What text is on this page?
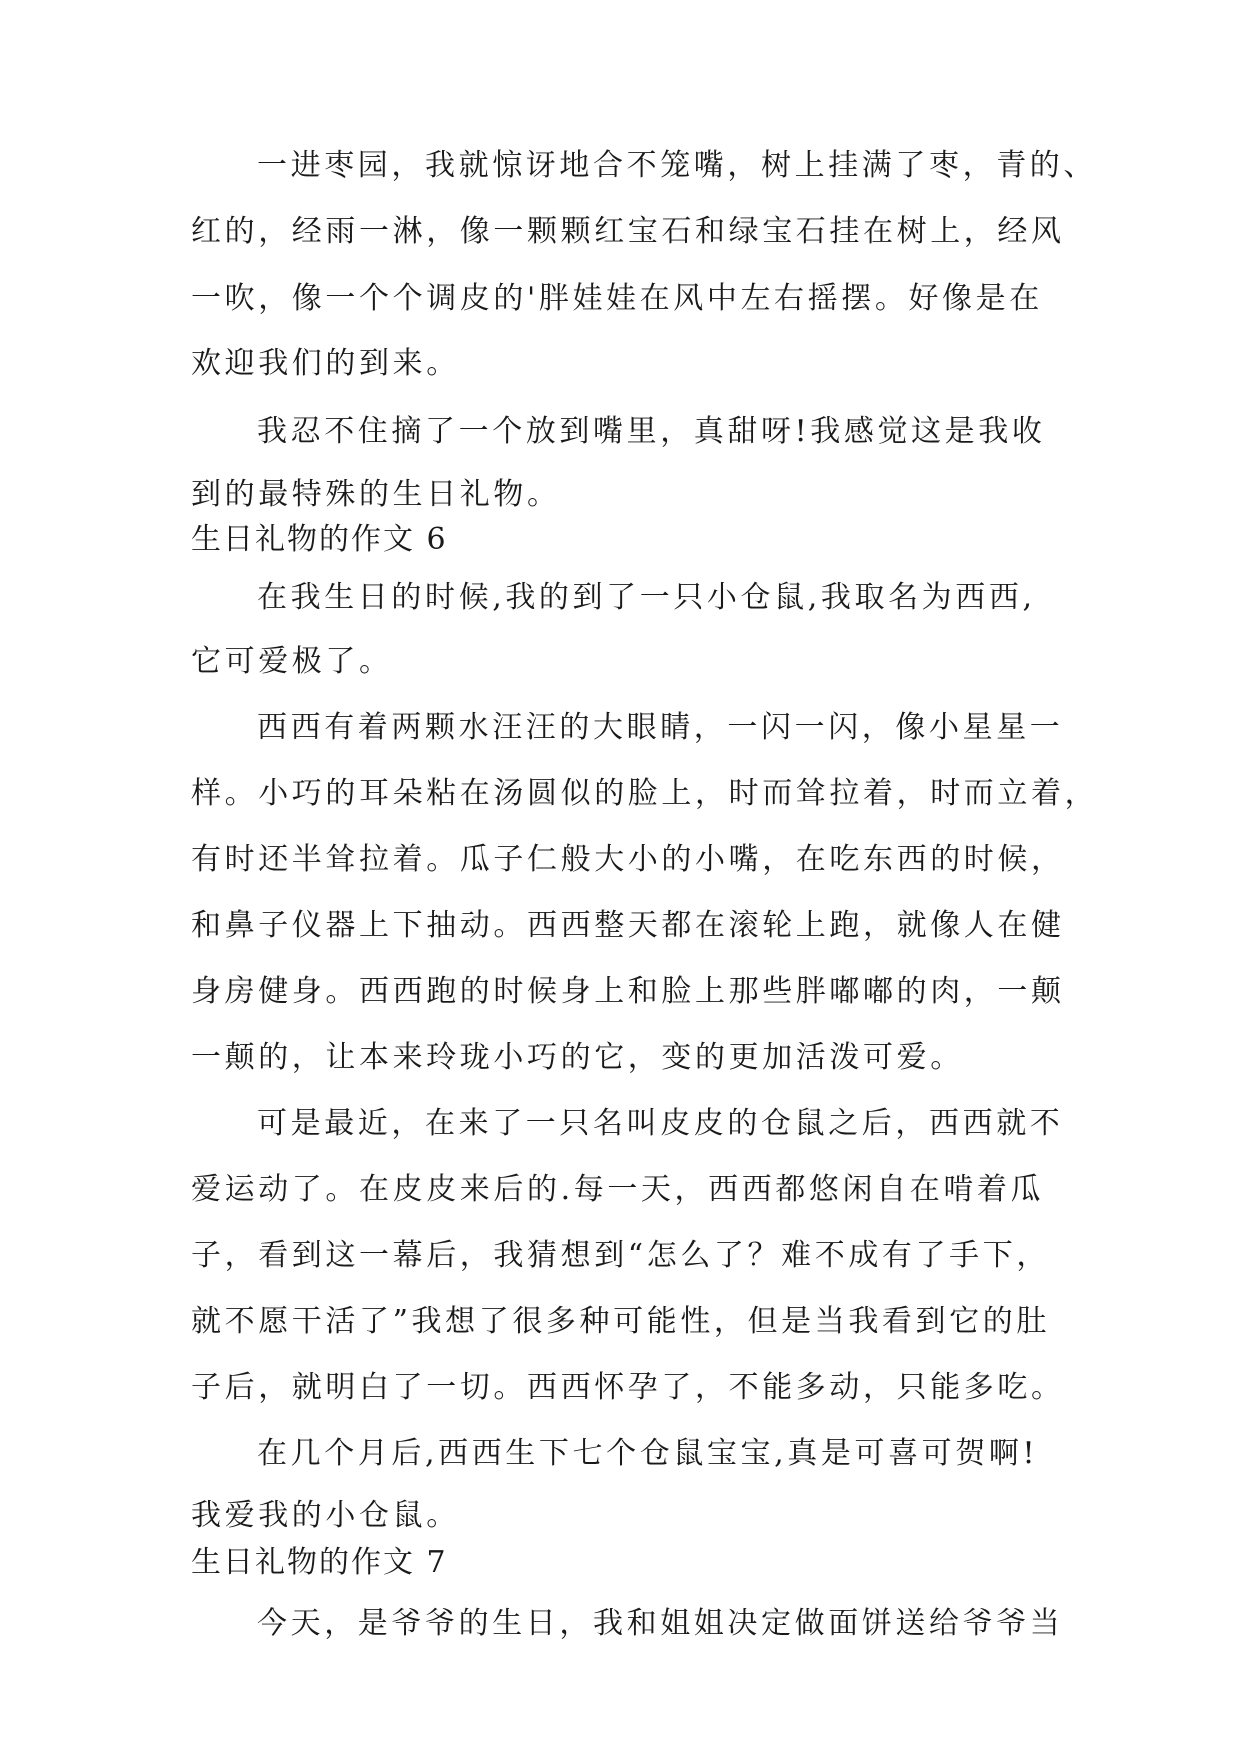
一进枣园，我就惊讶地合不笼嘴，树上挂满了枣，青的、
红的，经雨一淋，像一颗颗红宝石和绿宝石挂在树上，经风
一吹，像一个个调皮的'胖娃娃在风中左右摇摆。好像是在
欢迎我们的到来。
我忍不住摘了一个放到嘴里，真甜呀!我感觉这是我收
到的最特殊的生日礼物。
生日礼物的作文 6
在我生日的时候,我的到了一只小仓鼠,我取名为西西,
它可爱极了。
西西有着两颗水汪汪的大眼睛，一闪一闪，像小星星一
样。小巧的耳朵粘在汤圆似的脸上，时而耸拉着，时而立着，
有时还半耸拉着。瓜子仁般大小的小嘴，在吃东西的时候，
和鼻子仪器上下抽动。西西整天都在滚轮上跑，就像人在健
身房健身。西西跑的时候身上和脸上那些胖嘟嘟的肉，一颠
一颠的，让本来玲珑小巧的它，变的更加活泼可爱。
可是最近，在来了一只名叫皮皮的仓鼠之后，西西就不
爱运动了。在皮皮来后的.每一天，西西都悠闲自在啃着瓜
子，看到这一幕后，我猜想到“怎么了？难不成有了手下，
就不愿干活了”我想了很多种可能性，但是当我看到它的肚
子后，就明白了一切。西西怀孕了，不能多动，只能多吃。
在几个月后,西西生下七个仓鼠宝宝,真是可喜可贺啊!
我爱我的小仓鼠。
生日礼物的作文 7
今天，是爷爷的生日，我和姐姐决定做面饼送给爷爷当
